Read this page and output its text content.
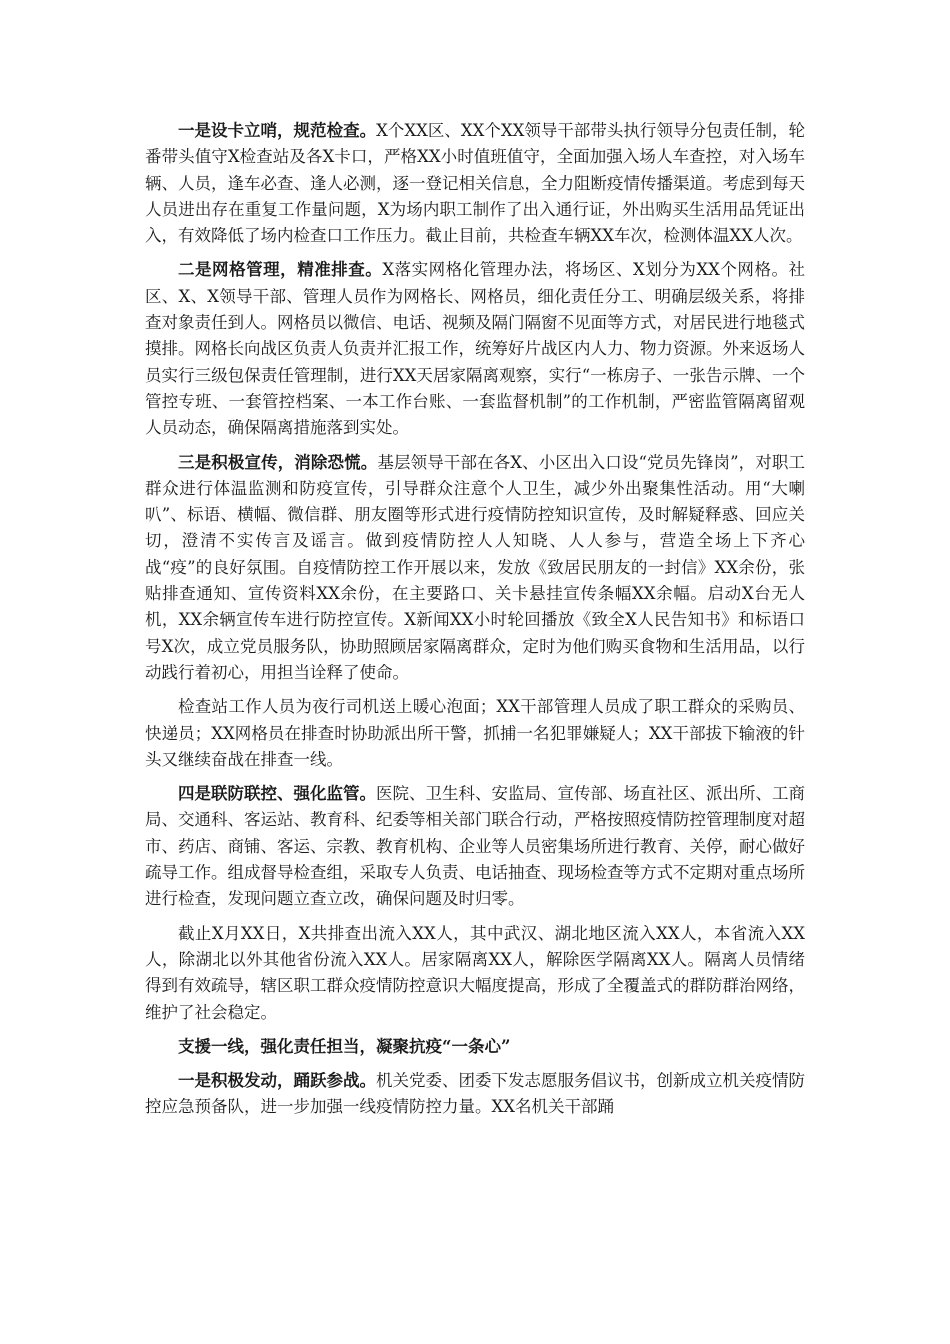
一是设卡立哨，规范检查。X个XX区、XX个XX领导干部带头执行领导分包责任制，轮番带头值守X检查站及各X卡口，严格XX小时值班值守，全面加强入场人车查控，对入场车辆、人员，逢车必查、逢人必测，逐一登记相关信息，全力阻断疫情传播渠道。考虑到每天人员进出存在重复工作量问题，X为场内职工制作了出入通行证，外出购买生活用品凭证出入，有效降低了场内检查口工作压力。截止目前，共检查车辆XX车次，检测体温XX人次。

二是网格管理，精准排查。X落实网格化管理办法，将场区、X划分为XX个网格。社区、X、X领导干部、管理人员作为网格长、网格员，细化责任分工、明确层级关系，将排查对象责任到人。网格员以微信、电话、视频及隔门隔窗不见面等方式，对居民进行地毯式摸排。网格长向战区负责人负责并汇报工作，统筹好片战区内人力、物力资源。外来返场人员实行三级包保责任管理制，进行XX天居家隔离观察，实行“一栋房子、一张告示牌、一个管控专班、一套管控档案、一本工作台账、一套监督机制”的工作机制，严密监管隔离留观人员动态，确保隔离措施落到实处。

三是积极宣传，消除恐慌。基层领导干部在各X、小区出入口设“党员先锋岗”，对职工群众进行体温监测和防疫宣传，引导群众注意个人卫生，减少外出聚集性活动。用“大喇叭”、标语、横幅、微信群、朋友圈等形式进行疫情防控知识宣传，及时解疑释惑、回应关切，澄清不实传言及谣言。做到疫情防控人人知晓、人人参与，营造全场上下齐心战“疫”的良好氛围。自疫情防控工作开展以来，发放《致居民朋友的一封信》XX余份，张贴排查通知、宣传资料XX余份，在主要路口、关卡悬挂宣传条幅XX余幅。启动X台无人机，XX余辆宣传车进行防控宣传。X新闻XX小时轮回播放《致全X人民告知书》和标语口号X次，成立党员服务队，协助照顾居家隔离群众，定时为他们购买食物和生活用品，以行动践行着初心，用担当诠释了使命。

检查站工作人员为夜行司机送上暖心泡面；XX干部管理人员成了职工群众的采购员、快递员；XX网格员在排查时协助派出所干警，抓捕一名犯罪嫌疑人；XX干部拔下输液的针头又继续奋战在排查一线。

四是联防联控、强化监管。医院、卫生科、安监局、宣传部、场直社区、派出所、工商局、交通科、客运站、教育科、纪委等相关部门联合行动，严格按照疫情防控管理制度对超市、药店、商铺、客运、宗教、教育机构、企业等人员密集场所进行教育、关停，耐心做好疏导工作。组成督导检查组，采取专人负责、电话抽查、现场检查等方式不定期对重点场所进行检查，发现问题立查立改，确保问题及时归零。

截止X月XX日，X共排查出流入XX人，其中武汉、湖北地区流入XX人，本省流入XX人，除湖北以外其他省份流入XX人。居家隔离XX人，解除医学隔离XX人。隔离人员情绪得到有效疏导，辖区职工群众疫情防控意识大幅度提高，形成了全覆盖式的群防群治网络，维护了社会稳定。

支援一线，强化责任担当，凝聚抗疫“一条心”

一是积极发动，踊跃参战。机关党委、团委下发志愿服务倡议书，创新成立机关疫情防控应急预备队，进一步加强一线疫情防控力量。XX名机关干部踊
